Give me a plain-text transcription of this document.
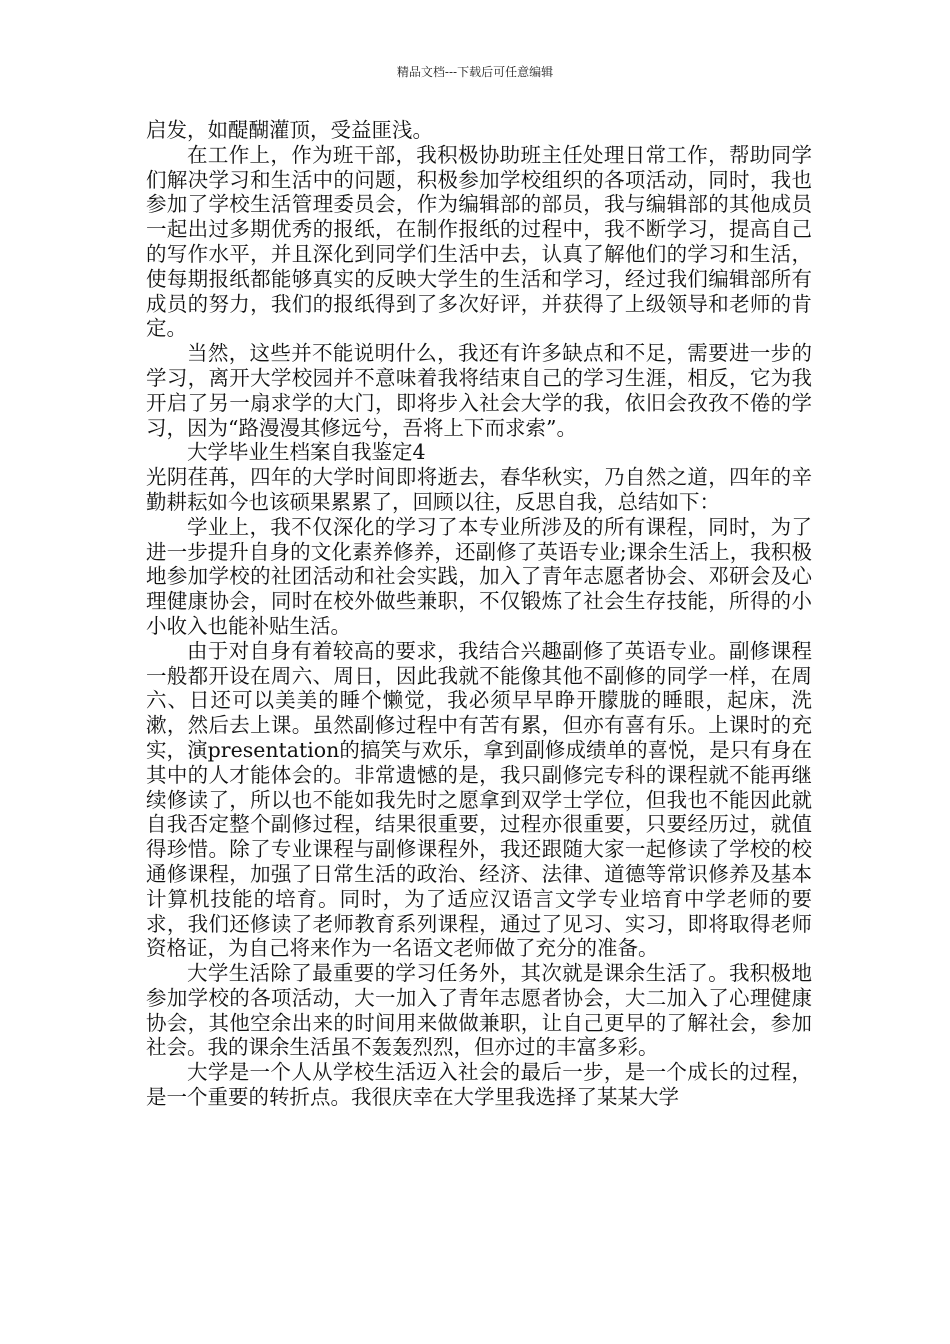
精品文档---下载后可任意编辑

启发，如醍醐灌顶，受益匪浅。

在工作上，作为班干部，我积极协助班主任处理日常工作，帮助同学们解决学习和生活中的问题，积极参加学校组织的各项活动，同时，我也参加了学校生活管理委员会，作为编辑部的部员，我与编辑部的其他成员一起出过多期优秀的报纸，在制作报纸的过程中，我不断学习，提高自己的写作水平，并且深化到同学们生活中去，认真了解他们的学习和生活，使每期报纸都能够真实的反映大学生的生活和学习，经过我们编辑部所有成员的努力，我们的报纸得到了多次好评，并获得了上级领导和老师的肯定。

当然，这些并不能说明什么，我还有许多缺点和不足，需要进一步的学习，离开大学校园并不意味着我将结束自己的学习生涯，相反，它为我开启了另一扇求学的大门，即将步入社会大学的我，依旧会孜孜不倦的学习，因为“路漫漫其修远兮，吾将上下而求索”。

大学毕业生档案自我鉴定4

光阴荏苒，四年的大学时间即将逝去，春华秋实，乃自然之道，四年的辛勤耕耘如今也该硕果累累了，回顾以往，反思自我，总结如下：

学业上，我不仅深化的学习了本专业所涉及的所有课程，同时，为了进一步提升自身的文化素养修养，还副修了英语专业;课余生活上，我积极地参加学校的社团活动和社会实践，加入了青年志愿者协会、邓研会及心理健康协会，同时在校外做些兼职，不仅锻炼了社会生存技能，所得的小小收入也能补贴生活。

由于对自身有着较高的要求，我结合兴趣副修了英语专业。副修课程一般都开设在周六、周日，因此我就不能像其他不副修的同学一样，在周六、日还可以美美的睡个懒觉，我必须早早睁开朦胧的睡眼，起床，洗漱，然后去上课。虽然副修过程中有苦有累，但亦有喜有乐。上课时的充实，演presentation的搞笑与欢乐，拿到副修成绩单的喜悦，是只有身在其中的人才能体会的。非常遗憾的是，我只副修完专科的课程就不能再继续修读了，所以也不能如我先时之愿拿到双学士学位，但我也不能因此就自我否定整个副修过程，结果很重要，过程亦很重要，只要经历过，就值得珍惜。除了专业课程与副修课程外，我还跟随大家一起修读了学校的校通修课程，加强了日常生活的政治、经济、法律、道德等常识修养及基本计算机技能的培育。同时，为了适应汉语言文学专业培育中学老师的要求，我们还修读了老师教育系列课程，通过了见习、实习，即将取得老师资格证，为自己将来作为一名语文老师做了充分的准备。

大学生活除了最重要的学习任务外，其次就是课余生活了。我积极地参加学校的各项活动，大一加入了青年志愿者协会，大二加入了心理健康协会，其他空余出来的时间用来做做兼职，让自己更早的了解社会，参加社会。我的课余生活虽不轰轰烈烈，但亦过的丰富多彩。

大学是一个人从学校生活迈入社会的最后一步，是一个成长的过程，是一个重要的转折点。我很庆幸在大学里我选择了某某大学
